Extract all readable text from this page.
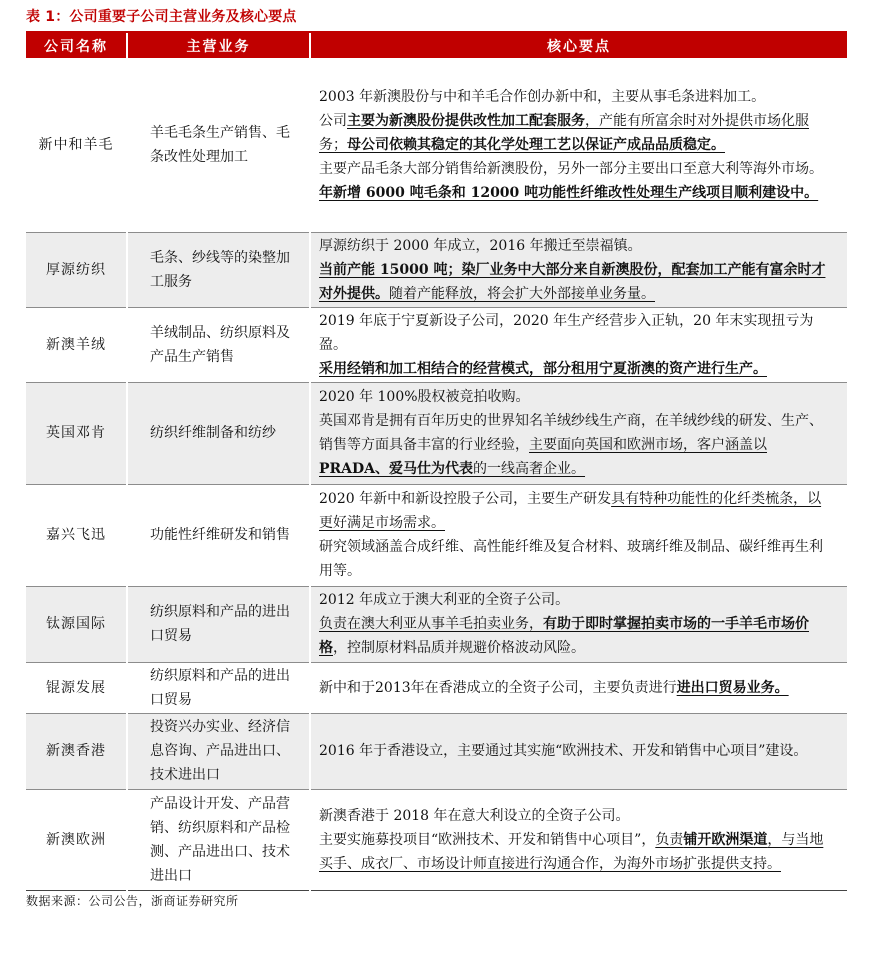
表 1：公司重要子公司主营业务及核心要点
公司名称	主营业务	核心要点
新中和羊毛	羊毛毛条生产销售、毛条改性处理加工	2003 年新澳股份与中和羊毛合作创办新中和，主要从事毛条进料加工。

公司主要为新澳股份提供改性加工配套服务，产能有所富余时对外提供市场化服务；母公司依赖其稳定的其化学处理工艺以保证产成品品质稳定。

主要产品毛条大部分销售给新澳股份，另外一部分主要出口至意大利等海外市场。

年新增 6000 吨毛条和 12000 吨功能性纤维改性处理生产线项目顺利建设中。

厚源纺织	毛条、纱线等的染整加工服务	厚源纺织于 2000 年成立，2016 年搬迁至崇福镇。

当前产能 15000 吨；染厂业务中大部分来自新澳股份，配套加工产能有富余时才对外提供。随着产能释放，将会扩大外部接单业务量。

新澳羊绒	羊绒制品、纺织原料及产品生产销售	2019 年底于宁夏新设子公司，2020 年生产经营步入正轨，20 年末实现扭亏为盈。

采用经销和加工相结合的经营模式，部分租用宁夏浙澳的资产进行生产。

英国邓肯	纺织纤维制备和纺纱	2020 年 100%股权被竞拍收购。

英国邓肯是拥有百年历史的世界知名羊绒纱线生产商，在羊绒纱线的研发、生产、销售等方面具备丰富的行业经验，主要面向英国和欧洲市场，客户涵盖以PRADA、爱马仕为代表的一线高奢企业。

嘉兴飞迅	功能性纤维研发和销售	2020 年新中和新设控股子公司，主要生产研发具有特种功能性的化纤类梳条，以更好满足市场需求。

研究领域涵盖合成纤维、高性能纤维及复合材料、玻璃纤维及制品、碳纤维再生利用等。

钛源国际	纺织原料和产品的进出口贸易	2012 年成立于澳大利亚的全资子公司。

负责在澳大利亚从事羊毛拍卖业务，有助于即时掌握拍卖市场的一手羊毛市场价格，控制原材料品质并规避价格波动风险。

锟源发展	纺织原料和产品的进出口贸易	新中和于2013年在香港成立的全资子公司，主要负责进行进出口贸易业务。

新澳香港	投资兴办实业、经济信息咨询、产品进出口、技术进出口	2016 年于香港设立，主要通过其实施“欧洲技术、开发和销售中心项目”建设。

新澳欧洲	产品设计开发、产品营销、纺织原料和产品检测、产品进出口、技术进出口	新澳香港于 2018 年在意大利设立的全资子公司。

主要实施募投项目“欧洲技术、开发和销售中心项目”，负责铺开欧洲渠道，与当地买手、成衣厂、市场设计师直接进行沟通合作，为海外市场扩张提供支持。

数据来源：公司公告，浙商证券研究所
